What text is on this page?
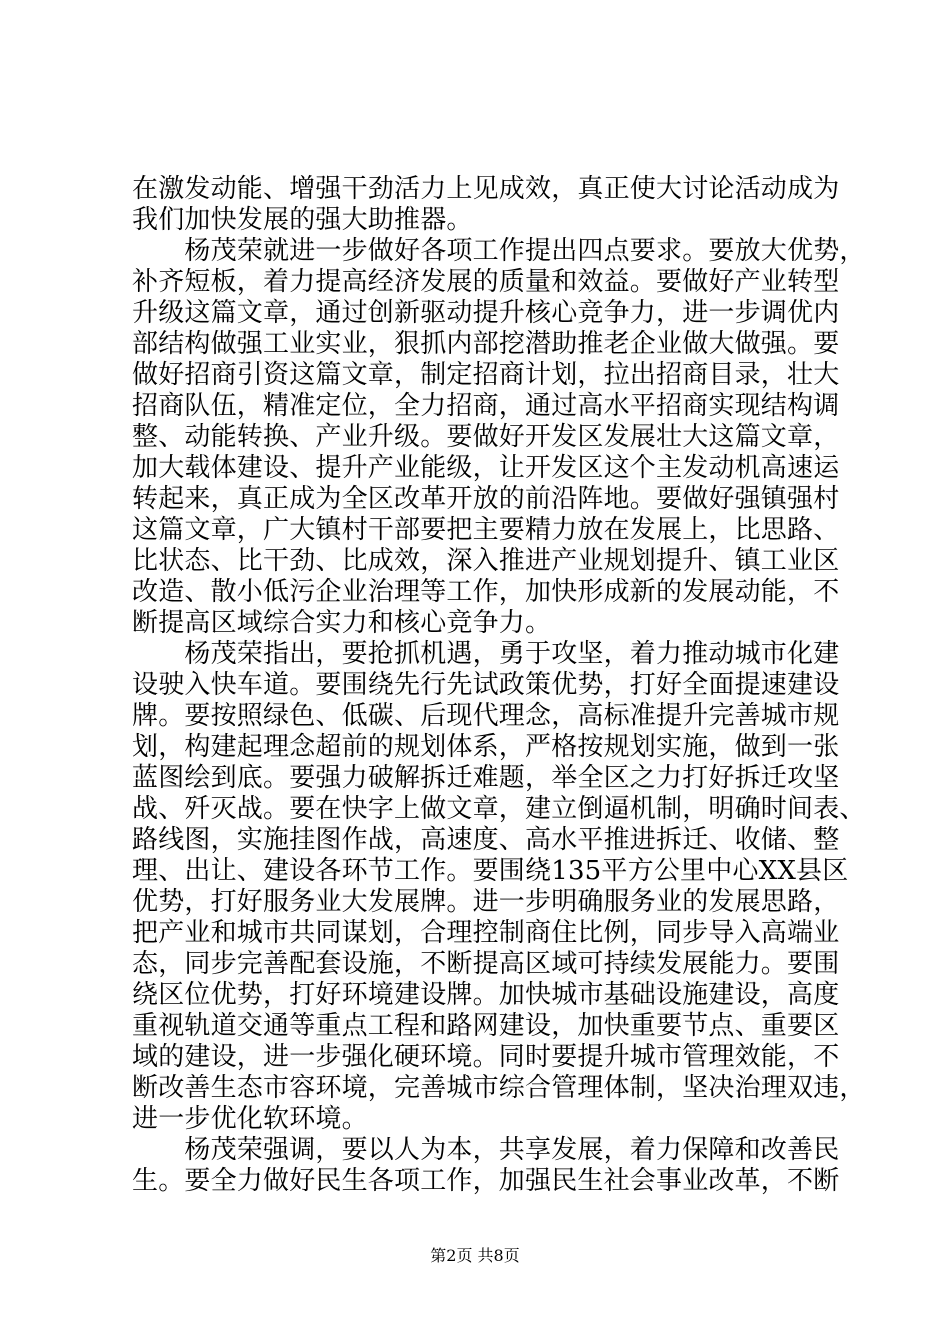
在激发动能、增强干劲活力上见成效，真正使大讨论活动成为
我们加快发展的强大助推器。
　　杨茂荣就进一步做好各项工作提出四点要求。要放大优势，
补齐短板，着力提高经济发展的质量和效益。要做好产业转型
升级这篇文章，通过创新驱动提升核心竞争力，进一步调优内
部结构做强工业实业，狠抓内部挖潜助推老企业做大做强。要
做好招商引资这篇文章，制定招商计划，拉出招商目录，壮大
招商队伍，精准定位，全力招商，通过高水平招商实现结构调
整、动能转换、产业升级。要做好开发区发展壮大这篇文章，
加大载体建设、提升产业能级，让开发区这个主发动机高速运
转起来，真正成为全区改革开放的前沿阵地。要做好强镇强村
这篇文章，广大镇村干部要把主要精力放在发展上，比思路、
比状态、比干劲、比成效，深入推进产业规划提升、镇工业区
改造、散小低污企业治理等工作，加快形成新的发展动能，不
断提高区域综合实力和核心竞争力。
　　杨茂荣指出，要抢抓机遇，勇于攻坚，着力推动城市化建
设驶入快车道。要围绕先行先试政策优势，打好全面提速建设
牌。要按照绿色、低碳、后现代理念，高标准提升完善城市规
划，构建起理念超前的规划体系，严格按规划实施，做到一张
蓝图绘到底。要强力破解拆迁难题，举全区之力打好拆迁攻坚
战、歼灭战。要在快字上做文章，建立倒逼机制，明确时间表、
路线图，实施挂图作战，高速度、高水平推进拆迁、收储、整
理、出让、建设各环节工作。要围绕135平方公里中心XX县区
优势，打好服务业大发展牌。进一步明确服务业的发展思路，
把产业和城市共同谋划，合理控制商住比例，同步导入高端业
态，同步完善配套设施，不断提高区域可持续发展能力。要围
绕区位优势，打好环境建设牌。加快城市基础设施建设，高度
重视轨道交通等重点工程和路网建设，加快重要节点、重要区
域的建设，进一步强化硬环境。同时要提升城市管理效能，不
断改善生态市容环境，完善城市综合管理体制，坚决治理双违，
进一步优化软环境。
　　杨茂荣强调，要以人为本，共享发展，着力保障和改善民
生。要全力做好民生各项工作，加强民生社会事业改革，不断
第2页 共8页
